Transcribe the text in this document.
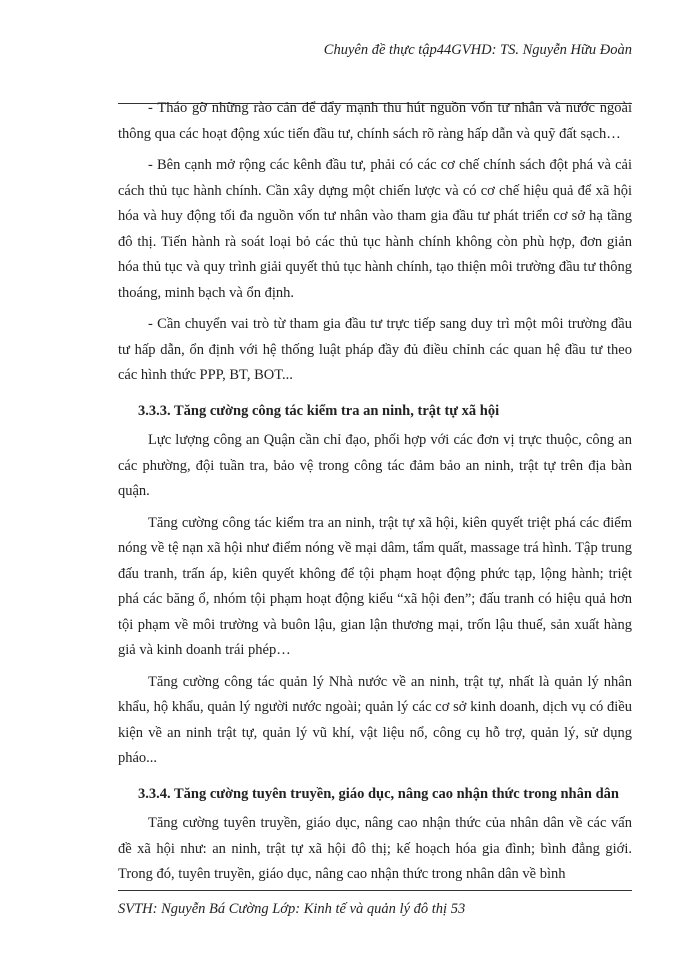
Chuyên đề thực tập44GVHD: TS. Nguyễn Hữu Đoàn

- Tháo gỡ những rào cản để đẩy mạnh thu hút nguồn vốn tư nhân và nước ngoài thông qua các hoạt động xúc tiến đầu tư, chính sách rõ ràng hấp dẫn và quỹ đất sạch…

- Bên cạnh mở rộng các kênh đầu tư, phải có các cơ chế chính sách đột phá và cải cách thủ tục hành chính. Cần xây dựng một chiến lược và có cơ chế hiệu quả để xã hội hóa và huy động tối đa nguồn vốn tư nhân vào tham gia đầu tư phát triển cơ sở hạ tầng đô thị. Tiến hành rà soát loại bỏ các thủ tục hành chính không còn phù hợp, đơn giản hóa thủ tục và quy trình giải quyết thủ tục hành chính, tạo thiện môi trường đầu tư thông thoáng, minh bạch và ổn định.

- Cần chuyển vai trò từ tham gia đầu tư trực tiếp sang duy trì một môi trường đầu tư hấp dẫn, ổn định với hệ thống luật pháp đầy đủ điều chỉnh các quan hệ đầu tư theo các hình thức PPP, BT, BOT...

3.3.3. Tăng cường công tác kiểm tra an ninh, trật tự xã hội

Lực lượng công an Quận cần chỉ đạo, phối hợp với các đơn vị trực thuộc, công an các phường, đội tuần tra, bảo vệ trong công tác đảm bảo an ninh, trật tự trên địa bàn quận.

Tăng cường công tác kiểm tra an ninh, trật tự xã hội, kiên quyết triệt phá các điểm nóng về tệ nạn xã hội như điểm nóng về mại dâm, tẩm quất, massage trá hình. Tập trung đấu tranh, trấn áp, kiên quyết không để tội phạm hoạt động phức tạp, lộng hành; triệt phá các băng ổ, nhóm tội phạm hoạt động kiểu “xã hội đen”; đấu tranh có hiệu quả hơn tội phạm về môi trường và buôn lậu, gian lận thương mại, trốn lậu thuế, sản xuất hàng giả và kinh doanh trái phép…

Tăng cường công tác quản lý Nhà nước về an ninh, trật tự, nhất là quản lý nhân khẩu, hộ khẩu, quản lý người nước ngoài; quản lý các cơ sở kinh doanh, dịch vụ có điều kiện về an ninh trật tự, quản lý vũ khí, vật liệu nổ, công cụ hỗ trợ, quản lý, sử dụng pháo...

3.3.4. Tăng cường tuyên truyền, giáo dục, nâng cao nhận thức trong nhân dân

Tăng cường tuyên truyền, giáo dục, nâng cao nhận thức của nhân dân về các vấn đề xã hội như: an ninh, trật tự xã hội đô thị; kế hoạch hóa gia đình; bình đẳng giới. Trong đó, tuyên truyền, giáo dục, nâng cao nhận thức trong nhân dân về bình

SVTH: Nguyễn Bá Cường Lớp: Kinh tế và quản lý đô thị 53
